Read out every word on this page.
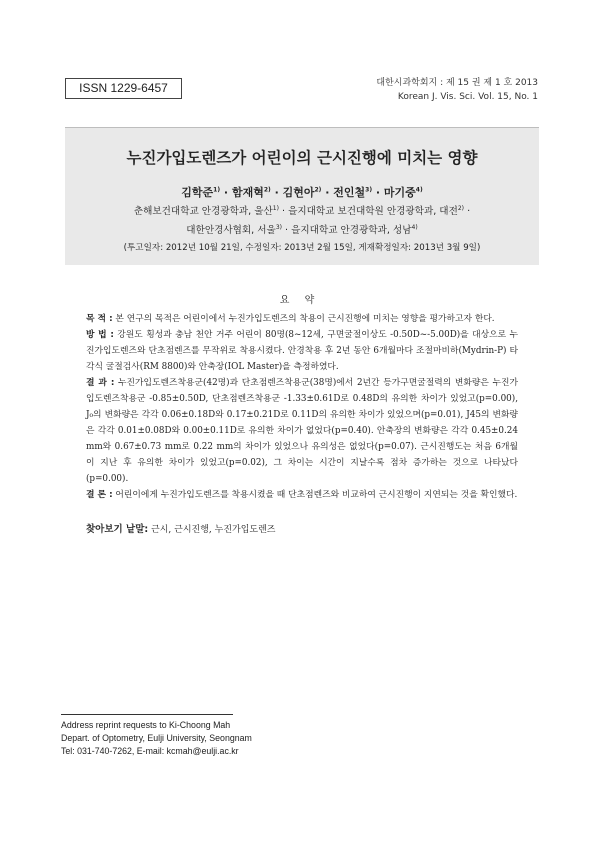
ISSN 1229-6457	대한시과학회지 : 제 15 권 제 1 호 2013
Korean J. Vis. Sci. Vol. 15, No. 1
누진가입도렌즈가 어린이의 근시진행에 미치는 영향
김학준$^{1)}$ · 함재혁$^{2)}$ · 김현아$^{2)}$ · 전인철$^{3)}$ · 마기중$^{4)}$
춘해보건대학교 안경광학과, 울산$^{1)}$ · 을지대학교 보건대학원 안경광학과, 대전$^{2)}$ ·
대한안경사협회, 서울$^{3)}$ · 을지대학교 안경광학과, 성남$^{4)}$
(투고일자: 2012년 10월 21일, 수정일자: 2013년 2월 15일, 게재확정일자: 2013년 3월 9일)
요 약

목 적 : 본 연구의 목적은 어린이에서 누진가입도렌즈의 착용이 근시진행에 미치는 영향을 평가하고자 한다.

방 법 : 강원도 횡성과 충남 천안 거주 어린이 80명(8~12세, 구면굴절이상도 -0.50D~-5.00D)을 대상으로 누진가입도렌즈와 단초점렌즈를 무작위로 착용시켰다. 안경착용 후 2년 동안 6개월마다 조절마비하(Mydrin-P) 타각식 굴절검사(RM 8800)와 안축장(IOL Master)을 측정하였다.

결 과 : 누진가입도렌즈착용군(42명)과 단초점렌즈착용군(38명)에서 2년간 등가구면굴절력의 변화량은 누진가입도렌즈착용군 -0.85±0.50D, 단초점렌즈착용군 -1.33±0.61D로 0.48D의 유의한 차이가 있었고(p=0.00), J₀의 변화량은 각각 0.06±0.18D와 0.17±0.21D로 0.11D의 유의한 차이가 있었으며(p=0.01), J45의 변화량은 각각 0.01±0.08D와 0.00±0.11D로 유의한 차이가 없었다(p=0.40). 안축장의 변화량은 각각 0.45±0.24 mm와 0.67±0.73 mm로 0.22 mm의 차이가 있었으나 유의성은 없었다(p=0.07). 근시진행도는 처음 6개월이 지난 후 유의한 차이가 있었고(p=0.02), 그 차이는 시간이 지날수록 점차 증가하는 것으로 나타났다(p=0.00).

결 론 : 어린이에게 누진가입도렌즈를 착용시켰을 때 단초점렌즈와 비교하여 근시진행이 지연되는 것을 확인했다.

찾아보기 낱말: 근시, 근시진행, 누진가입도렌즈
Address reprint requests to Ki-Choong Mah
Depart. of Optometry, Eulji University, Seongnam
Tel: 031-740-7262, E-mail: kcmah@eulji.ac.kr
